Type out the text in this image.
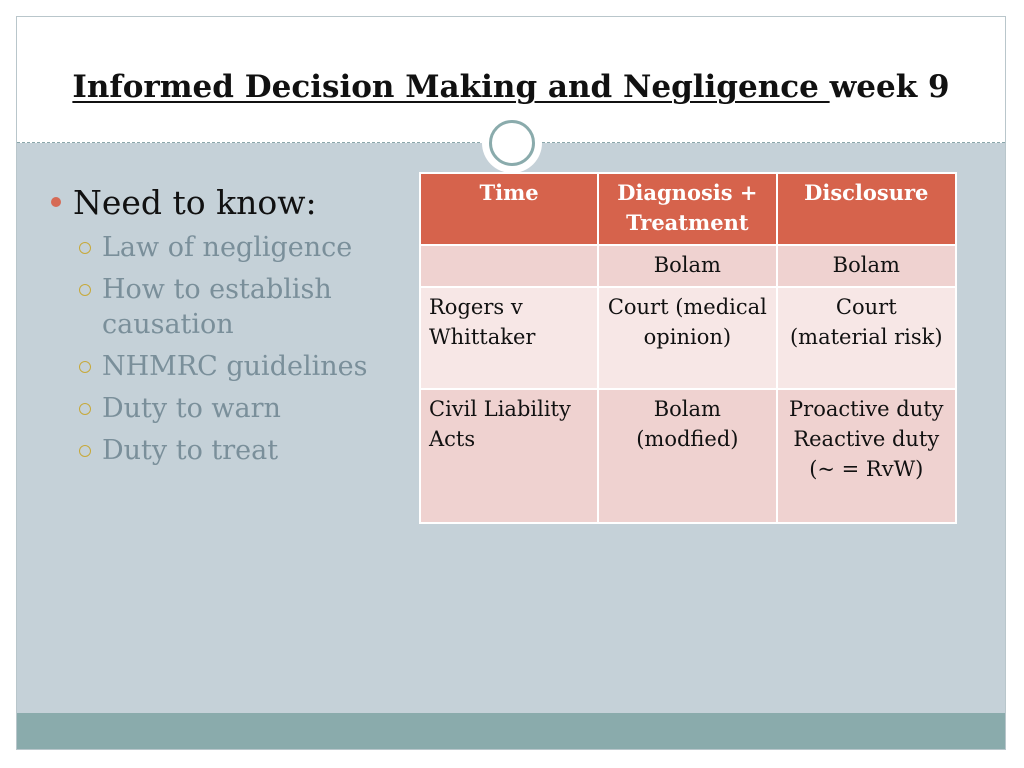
Informed Decision Making and Negligence week 9
Need to know:
Law of negligence
How to establish causation
NHMRC guidelines
Duty to warn
Duty to treat
Time	Diagnosis + Treatment	Disclosure
	Bolam	Bolam
Rogers v Whittaker	Court (medical opinion)	Court (material risk)
Civil Liability Acts	Bolam (modfied)	Proactive duty Reactive duty (~ = RvW)
